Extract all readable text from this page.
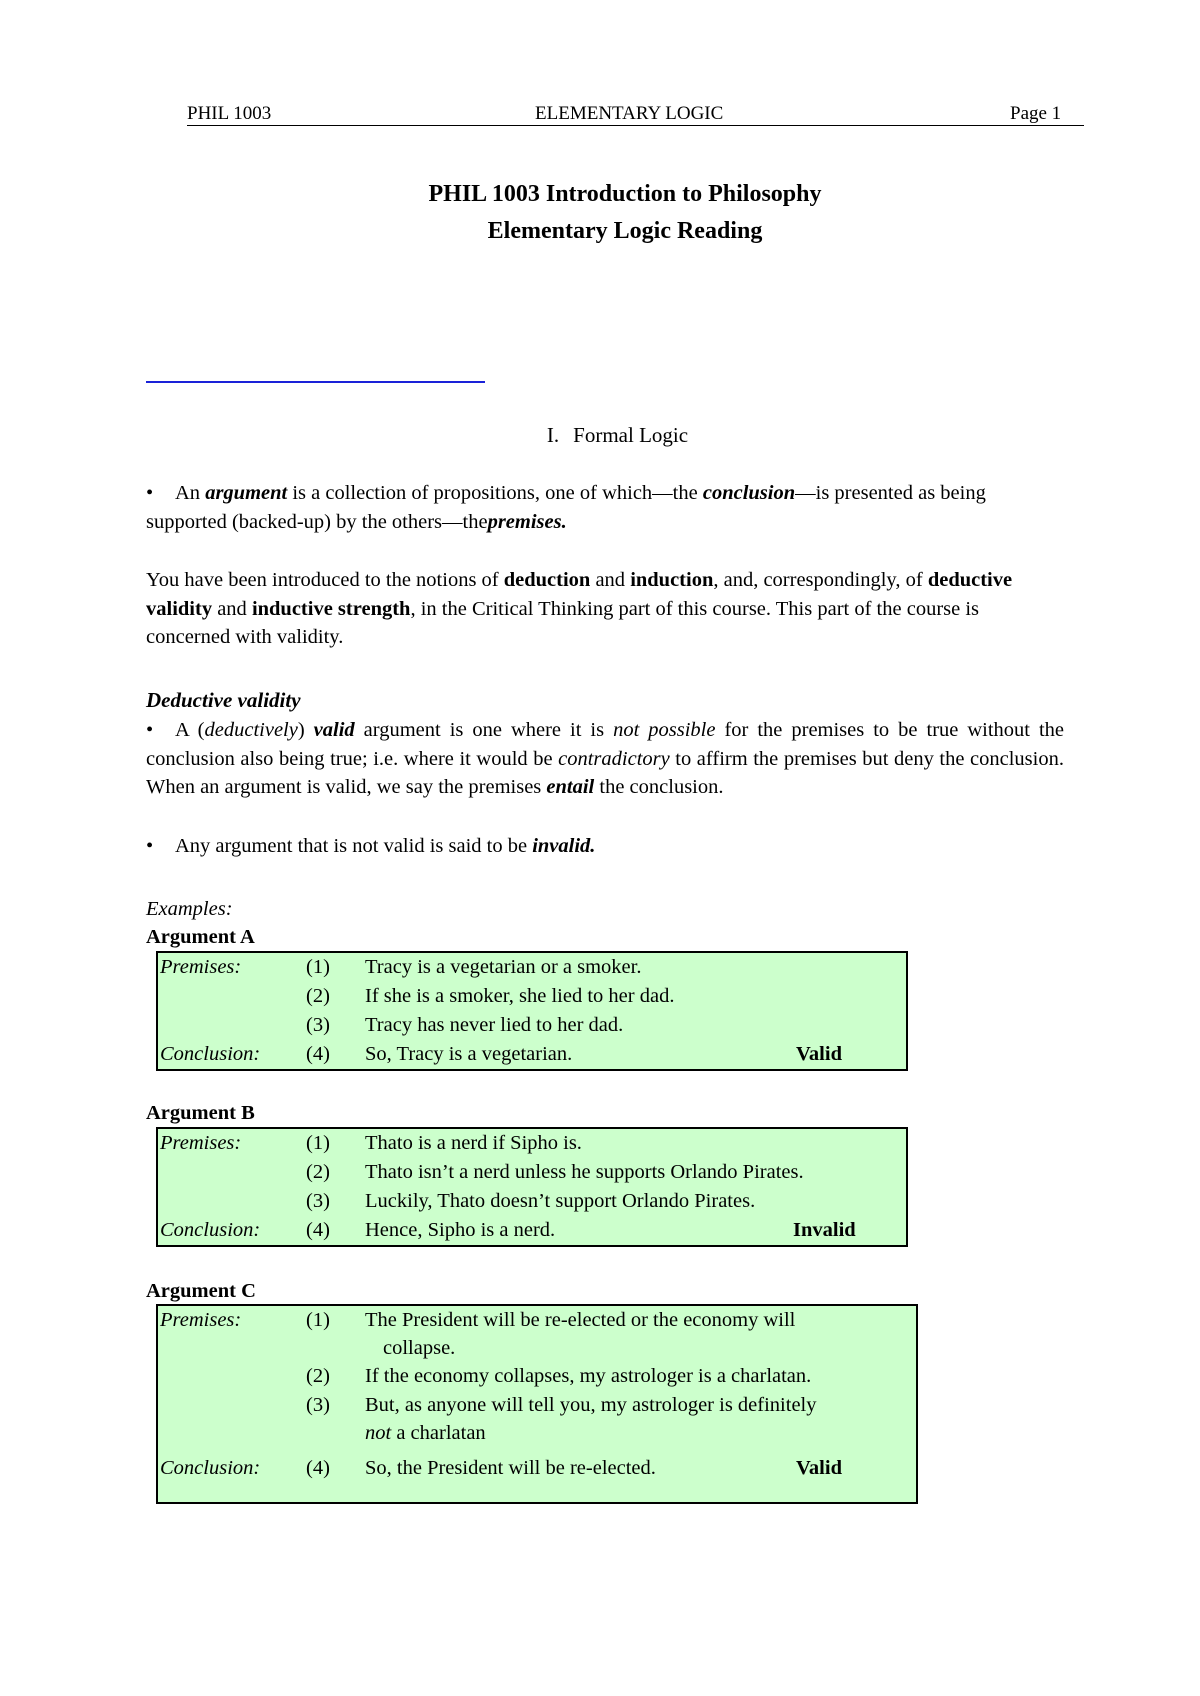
PHIL 1003	ELEMENTARY LOGIC	Page 1
PHIL 1003 Introduction to Philosophy
Elementary Logic Reading
I. Formal Logic
•An argument is a collection of propositions, one of which—the conclusion—is presented as being supported (backed-up) by the others—thepremises.
You have been introduced to the notions of deduction and induction, and, correspondingly, of deductive validity and inductive strength, in the Critical Thinking part of this course. This part of the course is concerned with validity.
Deductive validity
•A (deductively) valid argument is one where it is not possible for the premises to be true without the conclusion also being true; i.e. where it would be contradictory to affirm the premises but deny the conclusion. When an argument is valid, we say the premises entail the conclusion.
•Any argument that is not valid is said to be invalid.
Examples:
Argument A
Premises:	(1) Tracy is a vegetarian or a smoker.
(2) If she is a smoker, she lied to her dad.
(3) Tracy has never lied to her dad.
Conclusion: (4) So, Tracy is a vegetarian.	Valid
Argument B
Premises:	(1) Thato is a nerd if Sipho is.
(2) Thato isn’t a nerd unless he supports Orlando Pirates.
(3) Luckily, Thato doesn’t support Orlando Pirates.
Conclusion: (4) Hence, Sipho is a nerd.	Invalid
Argument C
Premises:	(1) The President will be re-elected or the economy will
collapse.
(2) If the economy collapses, my astrologer is a charlatan.
(3) But, as anyone will tell you, my astrologer is definitely
not a charlatan
Conclusion: (4) So, the President will be re-elected.	Valid
